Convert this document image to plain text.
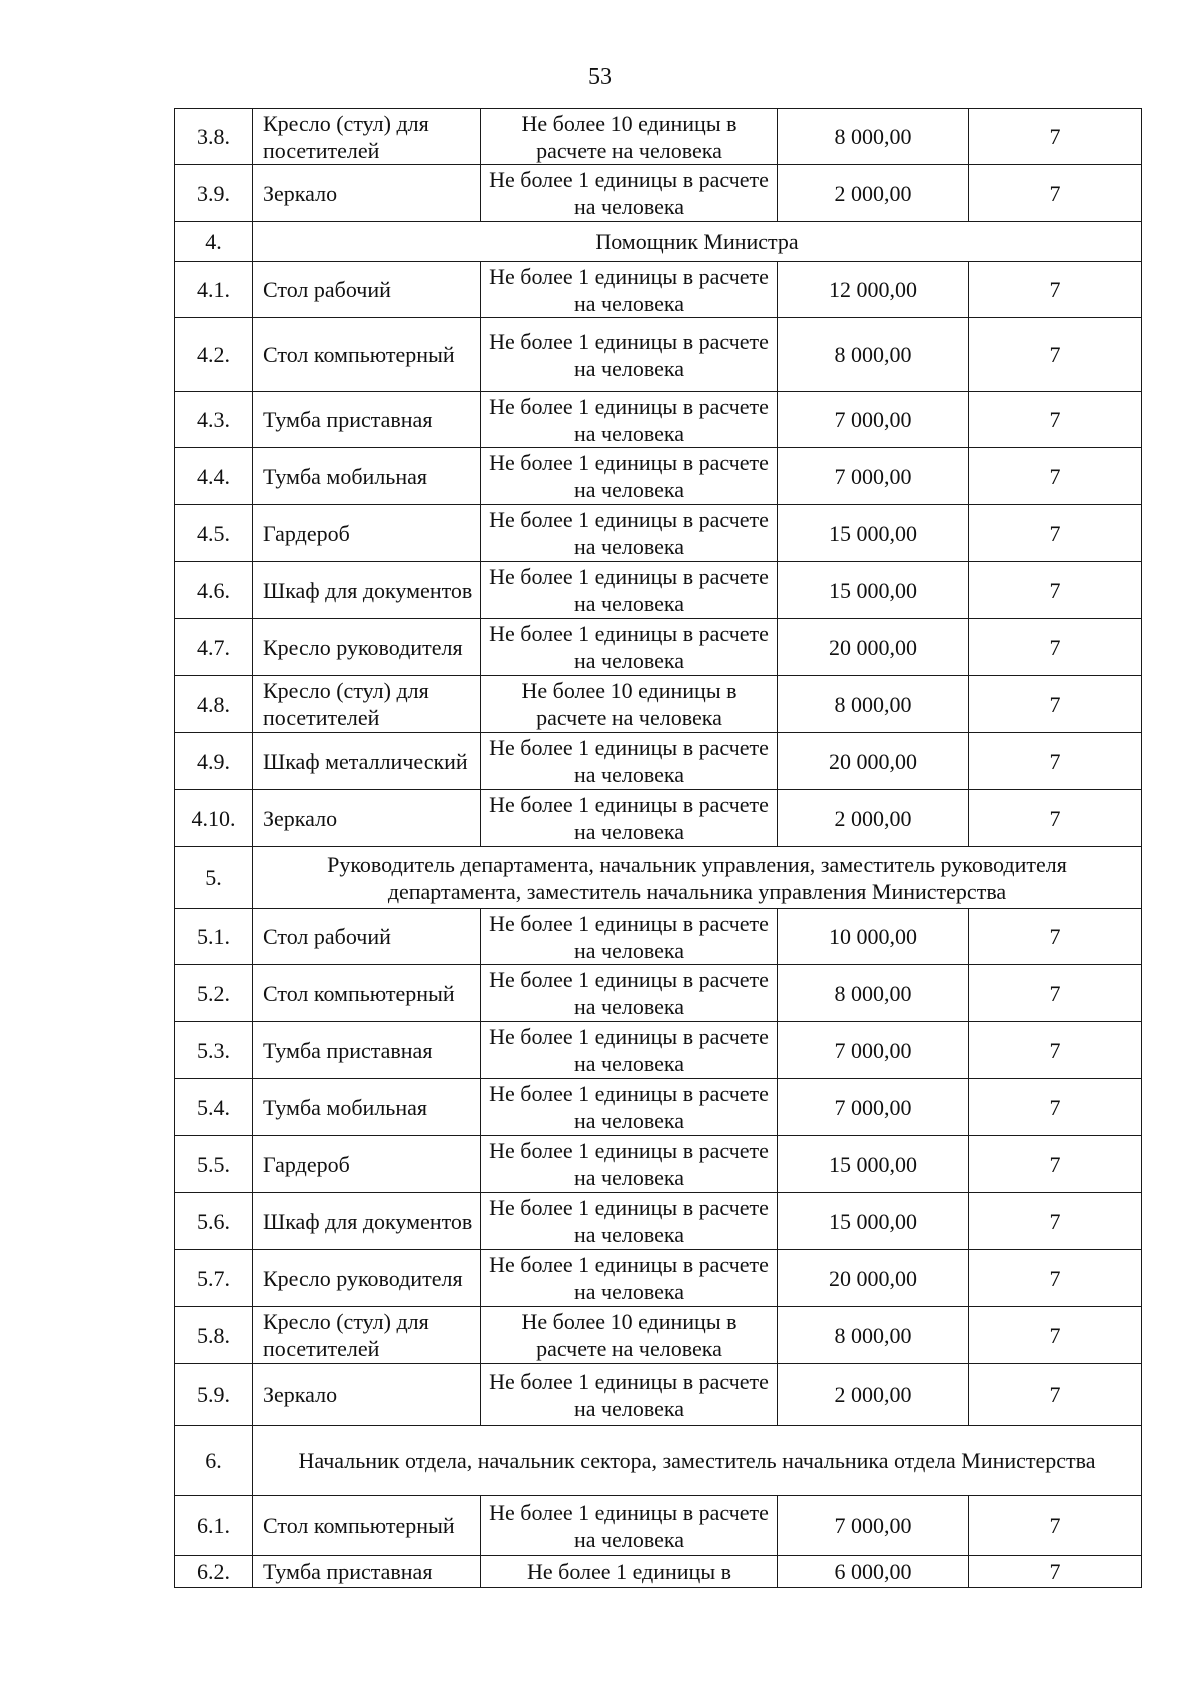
53
3.8.	Кресло (стул) для посетителей	Не более 10 единицы в расчете на человека	8 000,00	7
3.9.	Зеркало	Не более 1 единицы в расчете на человека	2 000,00	7
4.	Помощник Министра			
4.1.	Стол рабочий	Не более 1 единицы в расчете на человека	12 000,00	7
4.2.	Стол компьютерный	Не более 1 единицы в расчете на человека	8 000,00	7
4.3.	Тумба приставная	Не более 1 единицы в расчете на человека	7 000,00	7
4.4.	Тумба мобильная	Не более 1 единицы в расчете на человека	7 000,00	7
4.5.	Гардероб	Не более 1 единицы в расчете на человека	15 000,00	7
4.6.	Шкаф для документов	Не более 1 единицы в расчете на человека	15 000,00	7
4.7.	Кресло руководителя	Не более 1 единицы в расчете на человека	20 000,00	7
4.8.	Кресло (стул) для посетителей	Не более 10 единицы в расчете на человека	8 000,00	7
4.9.	Шкаф металлический	Не более 1 единицы в расчете на человека	20 000,00	7
4.10.	Зеркало	Не более 1 единицы в расчете на человека	2 000,00	7
5.	Руководитель департамента, начальник управления, заместитель руководителя департамента, заместитель начальника управления Министерства			
5.1.	Стол рабочий	Не более 1 единицы в расчете на человека	10 000,00	7
5.2.	Стол компьютерный	Не более 1 единицы в расчете на человека	8 000,00	7
5.3.	Тумба приставная	Не более 1 единицы в расчете на человека	7 000,00	7
5.4.	Тумба мобильная	Не более 1 единицы в расчете на человека	7 000,00	7
5.5.	Гардероб	Не более 1 единицы в расчете на человека	15 000,00	7
5.6.	Шкаф для документов	Не более 1 единицы в расчете на человека	15 000,00	7
5.7.	Кресло руководителя	Не более 1 единицы в расчете на человека	20 000,00	7
5.8.	Кресло (стул) для посетителей	Не более 10 единицы в расчете на человека	8 000,00	7
5.9.	Зеркало	Не более 1 единицы в расчете на человека	2 000,00	7
6.	Начальник отдела, начальник сектора, заместитель начальника отдела Министерства			
6.1.	Стол компьютерный	Не более 1 единицы в расчете на человека	7 000,00	7
6.2.	Тумба приставная	Не более 1 единицы в	6 000,00	7
